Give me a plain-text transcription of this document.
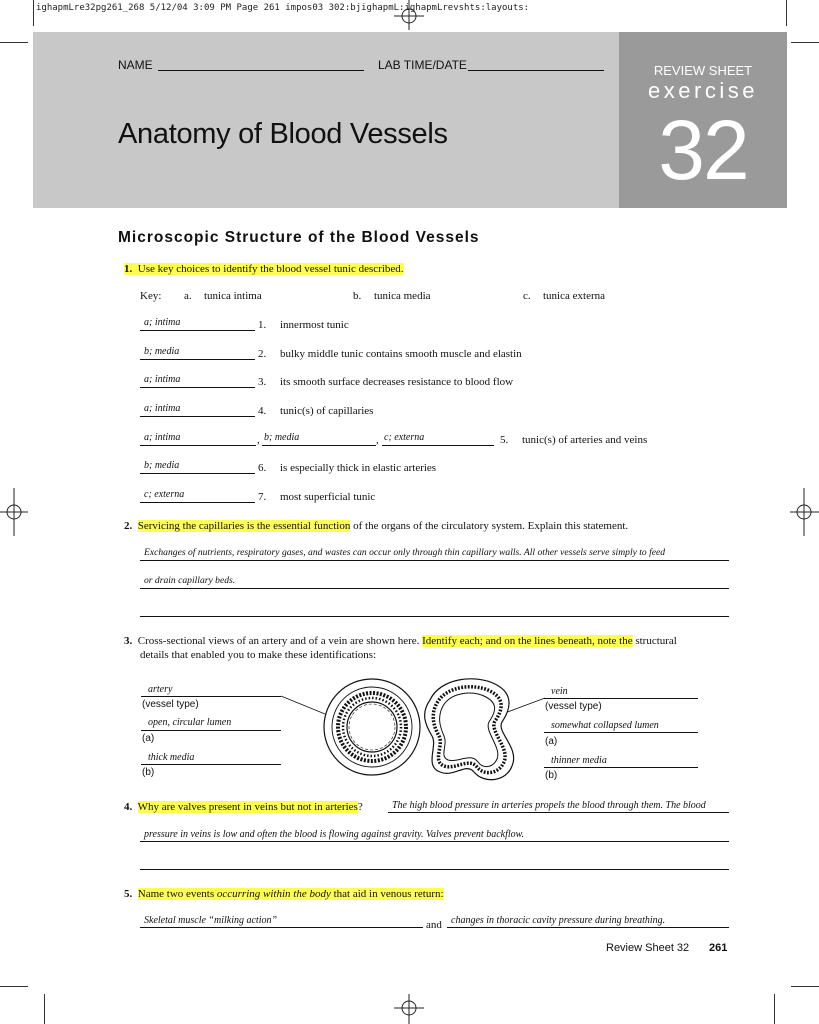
ighapmLre32pg261_268 5/12/04 3:09 PM Page 261 impos03 302:bjighapmL:ighapmLrevshts:layouts:
NAME	LAB TIME/DATE
Anatomy of Blood Vessels
REVIEW SHEET
exercise
32
Microscopic Structure of the Blood Vessels
1. Use key choices to identify the blood vessel tunic described.
Key: a. tunica intima	b. tunica media	c. tunica externa
a; intima	1. innermost tunic
b; media	2. bulky middle tunic contains smooth muscle and elastin
a; intima	3. its smooth surface decreases resistance to blood flow
a; intima	4. tunic(s) of capillaries
a; intima	, b; media	, c; externa	5. tunic(s) of arteries and veins
b; media	6. is especially thick in elastic arteries
c; externa	7. most superficial tunic
2. Servicing the capillaries is the essential function of the organs of the circulatory system. Explain this statement.
Exchanges of nutrients, respiratory gases, and wastes can occur only through thin capillary walls. All other vessels serve simply to feed
or drain capillary beds.
3. Cross-sectional views of an artery and of a vein are shown here. Identify each; and on the lines beneath, note the structural
details that enabled you to make these identifications:
artery
(vessel type)
open, circular lumen
(a)
thick media
(b)
vein
(vessel type)
somewhat collapsed lumen
(a)
thinner media
(b)
4. Why are valves present in veins but not in arteries?	The high blood pressure in arteries propels the blood through them. The blood
pressure in veins is low and often the blood is flowing against gravity. Valves prevent backflow.
5. Name two events occurring within the body that aid in venous return:
Skeletal muscle “milking action”	and changes in thoracic cavity pressure during breathing.
Review Sheet 32 261
